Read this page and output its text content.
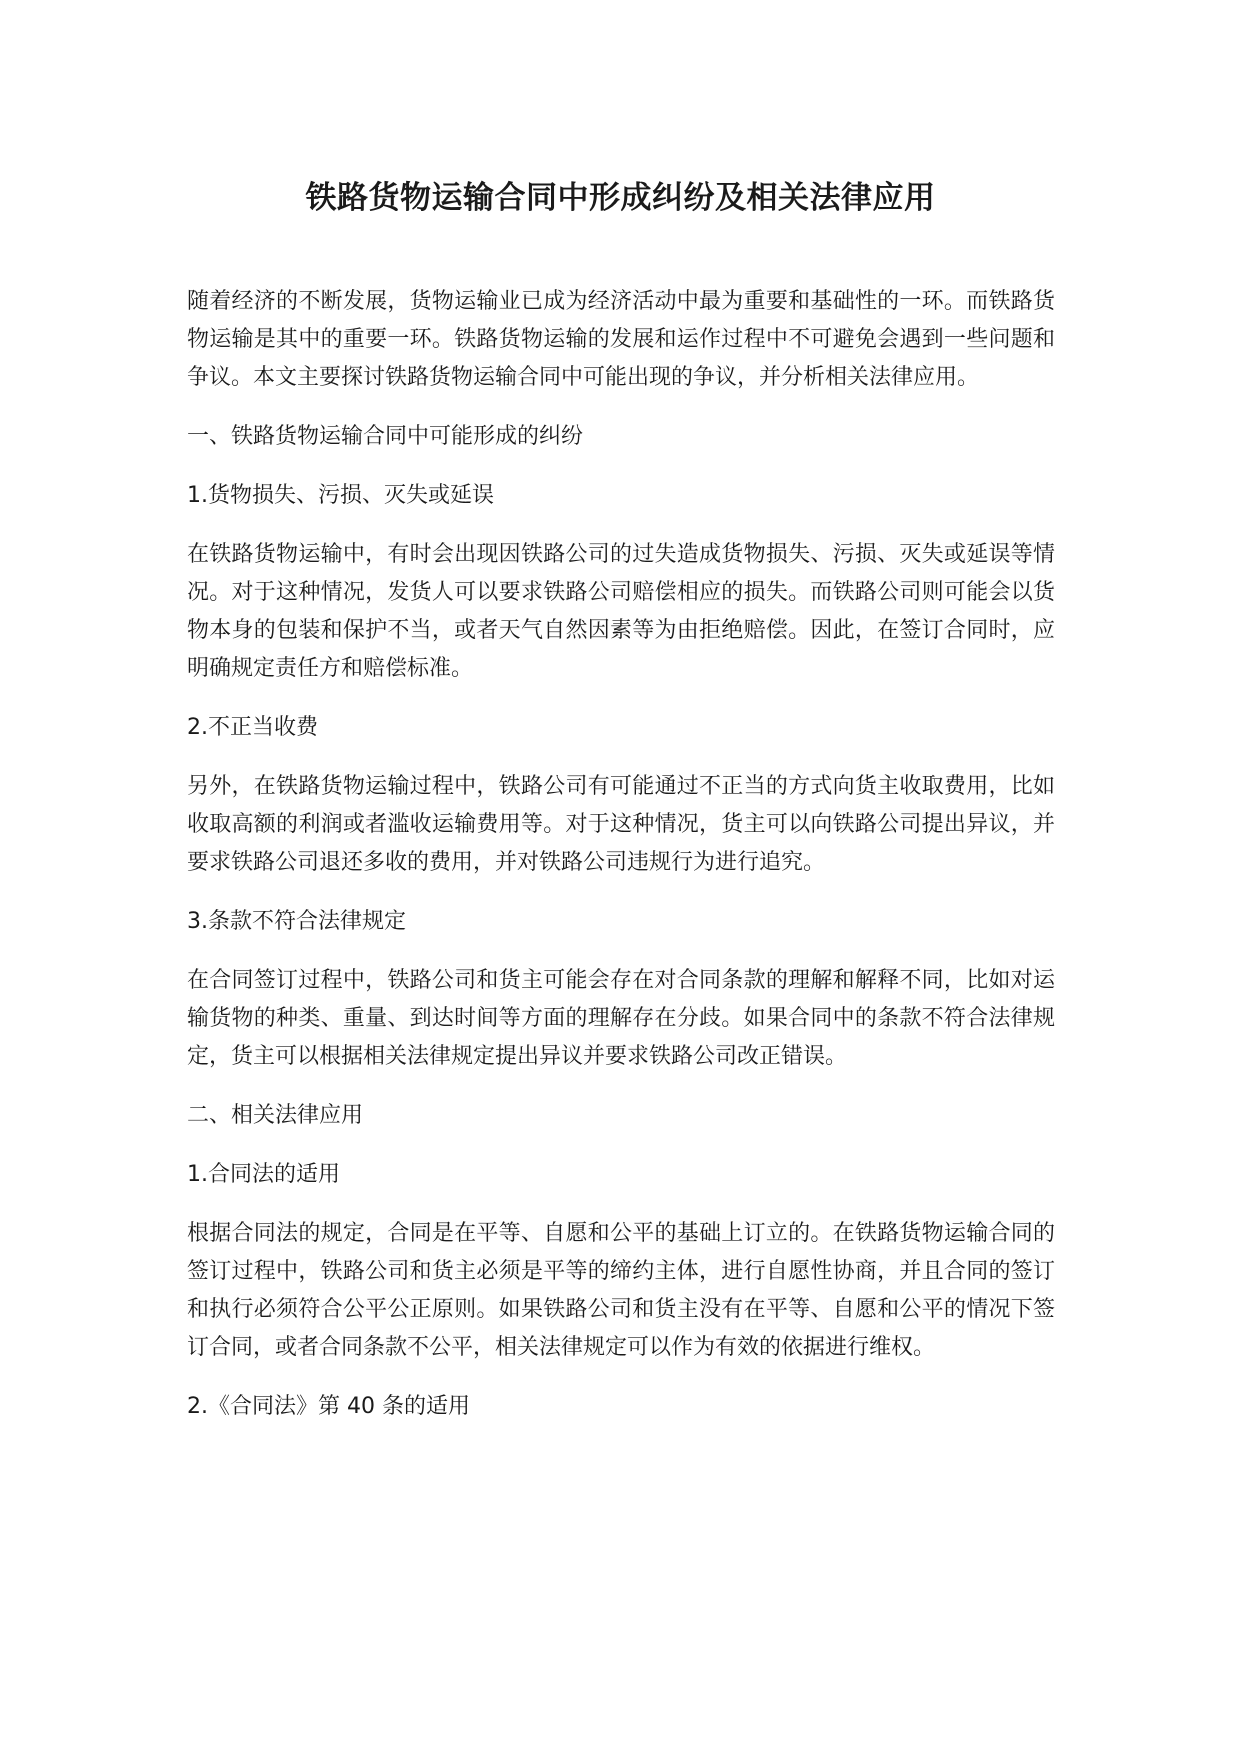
铁路货物运输合同中形成纠纷及相关法律应用

随着经济的不断发展，货物运输业已成为经济活动中最为重要和基础性的一环。而铁路货物运输是其中的重要一环。铁路货物运输的发展和运作过程中不可避免会遇到一些问题和争议。本文主要探讨铁路货物运输合同中可能出现的争议，并分析相关法律应用。

一、铁路货物运输合同中可能形成的纠纷

1.货物损失、污损、灭失或延误

在铁路货物运输中，有时会出现因铁路公司的过失造成货物损失、污损、灭失或延误等情况。对于这种情况，发货人可以要求铁路公司赔偿相应的损失。而铁路公司则可能会以货物本身的包装和保护不当，或者天气自然因素等为由拒绝赔偿。因此，在签订合同时，应明确规定责任方和赔偿标准。

2.不正当收费

另外，在铁路货物运输过程中，铁路公司有可能通过不正当的方式向货主收取费用，比如收取高额的利润或者滥收运输费用等。对于这种情况，货主可以向铁路公司提出异议，并要求铁路公司退还多收的费用，并对铁路公司违规行为进行追究。

3.条款不符合法律规定

在合同签订过程中，铁路公司和货主可能会存在对合同条款的理解和解释不同，比如对运输货物的种类、重量、到达时间等方面的理解存在分歧。如果合同中的条款不符合法律规定，货主可以根据相关法律规定提出异议并要求铁路公司改正错误。

二、相关法律应用

1.合同法的适用

根据合同法的规定，合同是在平等、自愿和公平的基础上订立的。在铁路货物运输合同的签订过程中，铁路公司和货主必须是平等的缔约主体，进行自愿性协商，并且合同的签订和执行必须符合公平公正原则。如果铁路公司和货主没有在平等、自愿和公平的情况下签订合同，或者合同条款不公平，相关法律规定可以作为有效的依据进行维权。

2.《合同法》第 40 条的适用
